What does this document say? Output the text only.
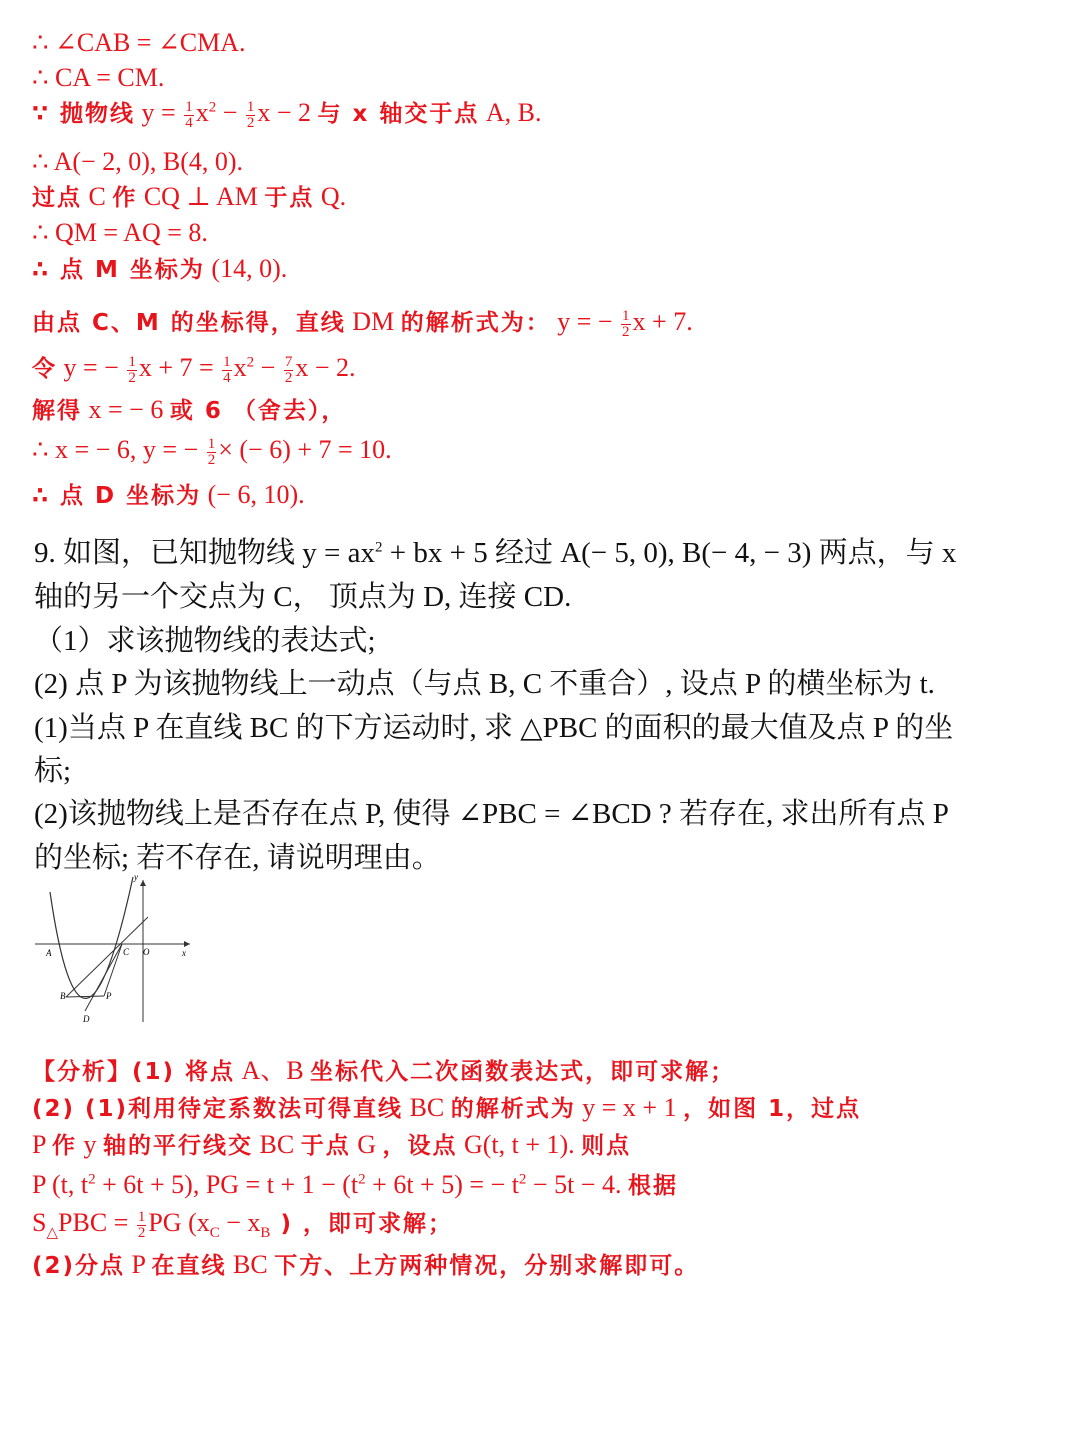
∴ ∠CAB = ∠CMA.
∴ CA = CM.
∵ 抛物线 $y = \frac{1}{4} x^2 - \frac{1}{2}$ x − 2 与 x 轴交于点 A, B.
∴ A(− 2, 0), B(4, 0).
过点 C 作 CQ ⊥ AM 于点 Q.
∴ QM = AQ = 8.
∴ 点 M 坐标为 (14, 0).
由点 C、M 的坐标得，直线 DM 的解析式为： y = − $\frac{1}{2}$ x + 7.
令 y = − $\frac{1}{2}$ $x + 7 = \frac{1}{4} x^2 - \frac{7}{2}$ x − 2.
解得 x = − 6 或 6 （舍去），
∴ x = − 6, y = − $\frac{1}{2}$ × (− 6) + 7 = 10.
∴ 点 D 坐标为 (− 6, 10).
9. 如图，已知抛物线 $y = ax^2$ + bx + 5 经过 A(− 5, 0), B(− 4, − 3) 两点，与 x
轴的另一个交点为 C， 顶点为 D, 连接 CD.
（1）求该抛物线的表达式;
(2) 点 P 为该抛物线上一动点（与点 B, C 不重合）, 设点 P 的横坐标为 t.
(1)当点 P 在直线 BC 的下方运动时, 求 △PBC 的面积的最大值及点 P 的坐
标;
(2)该抛物线上是否存在点 P, 使得 ∠PBC = ∠BCD ? 若存在, 求出所有点 P
的坐标; 若不存在, 请说明理由。
y
x
A	C O
B	P
D
【分析】(1) 将点 A、B 坐标代入二次函数表达式，即可求解；
(2) (1)利用待定系数法可得直线 BC 的解析式为 y = x + 1 ，如图 1，过点
P 作 y 轴的平行线交 BC 于点 G ，设点 G(t, t + 1). 则点
P (t, $t^2 + 6t + 5$), PG = $t + 1 - (t^2 + 6t + 5)$ = − $t^2 - 5t - 4$. 根据
$S_\triangle PBC = \frac{1}{2}$ PG ($x_C - x_B$ ) ，即可求解；
(2)分点 P 在直线 BC 下方、上方两种情况，分别求解即可。
